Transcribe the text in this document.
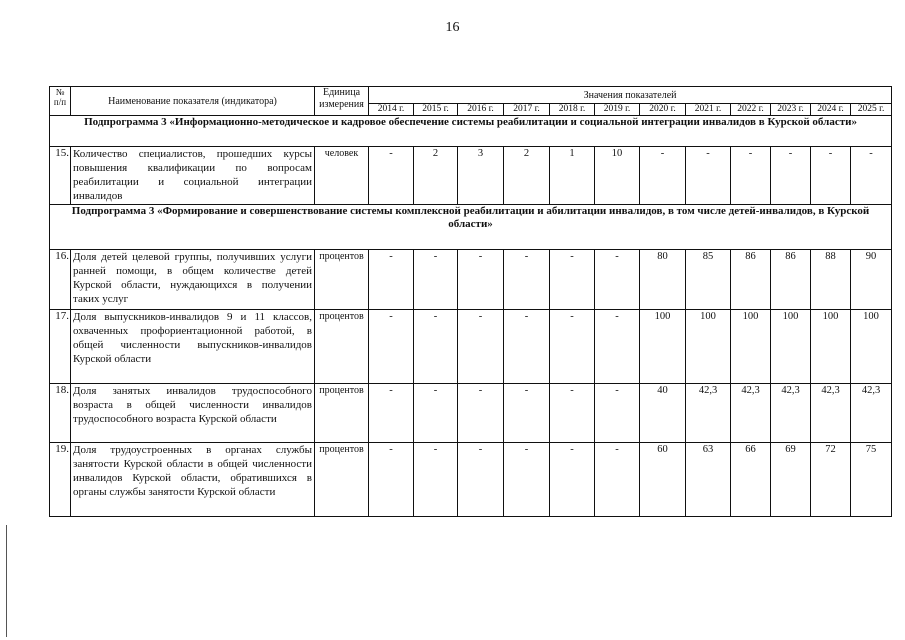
16
№ п/п	Наименование показателя (индикатора)	Единица измерения	Значения показателей											
			2014 г.	2015 г.	2016 г.	2017 г.	2018 г.	2019 г.	2020 г.	2021 г.	2022 г.	2023 г.	2024 г.	2025 г.
Подпрограмма 3 «Информационно-методическое и кадровое обеспечение системы реабилитации и социальной интеграции инвалидов в Курской области»														
15.	Количество специалистов, прошедших курсы повышения квалификации по вопросам реабилитации и социальной интеграции инвалидов	человек	-	2	3	2	1	10	-	-	-	-	-	-
Подпрограмма 3 «Формирование и совершенствование системы комплексной реабилитации и абилитации инвалидов, в том числе детей-инвалидов, в Курской области»														
16.	Доля детей целевой группы, получивших услуги ранней помощи, в общем количестве детей Курской области, нуждающихся в получении таких услуг	процентов	-	-	-	-	-	-	80	85	86	86	88	90
17.	Доля выпускников-инвалидов 9 и 11 классов, охваченных профориентационной работой, в общей численности выпускников-инвалидов Курской области	процентов	-	-	-	-	-	-	100	100	100	100	100	100
18.	Доля занятых инвалидов трудоспособного возраста в общей численности инвалидов трудоспособного возраста Курской области	процентов	-	-	-	-	-	-	40	42,3	42,3	42,3	42,3	42,3
19.	Доля трудоустроенных в органах службы занятости Курской области в общей численности инвалидов Курской области, обратившихся в органы службы занятости Курской области	процентов	-	-	-	-	-	-	60	63	66	69	72	75
